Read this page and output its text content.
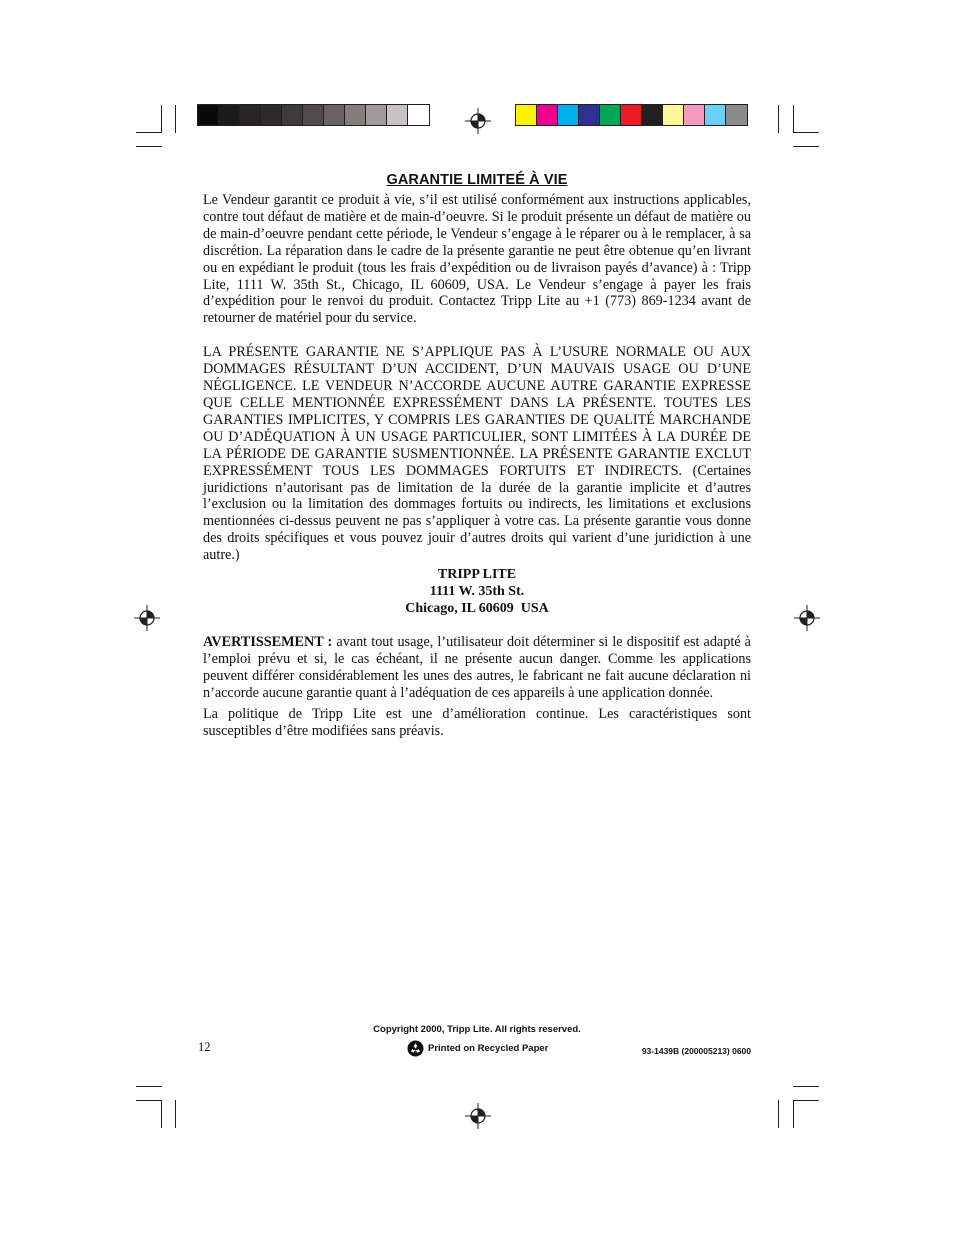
GARANTIE LIMITEÉ À VIE

Le Vendeur garantit ce produit à vie, s’il est utilisé conformément aux instructions applicables, contre tout défaut de matière et de main-d’oeuvre. Si le produit présente un défaut de matière ou de main-d’oeuvre pendant cette période, le Vendeur s’engage à le réparer ou à le remplacer, à sa discrétion. La réparation dans le cadre de la présente garantie ne peut être obtenue qu’en livrant ou en expédiant le produit (tous les frais d’expédition ou de livraison payés d’avance) à : Tripp Lite, 1111 W. 35th St., Chicago, IL 60609, USA. Le Vendeur s’engage à payer les frais d’expédition pour le renvoi du produit. Contactez Tripp Lite au +1 (773) 869-1234 avant de retourner de matériel pour du service.

LA PRÉSENTE GARANTIE NE S’APPLIQUE PAS À L’USURE NORMALE OU AUX DOMMAGES RÉSULTANT D’UN ACCIDENT, D’UN MAUVAIS USAGE OU D’UNE NÉGLIGENCE. LE VENDEUR N’ACCORDE AUCUNE AUTRE GARANTIE EXPRESSE QUE CELLE MENTIONNÉE EXPRESSÉMENT DANS LA PRÉSENTE. TOUTES LES GARANTIES IMPLICITES, Y COMPRIS LES GARANTIES DE QUALITÉ MARCHANDE OU D’ADÉQUATION À UN USAGE PARTICULIER, SONT LIMITÉES À LA DURÉE DE LA PÉRIODE DE GARANTIE SUSMENTIONNÉE. LA PRÉSENTE GARANTIE EXCLUT EXPRESSÉMENT TOUS LES DOMMAGES FORTUITS ET INDIRECTS. (Certaines juridictions n’autorisant pas de limitation de la durée de la garantie implicite et d’autres l’exclusion ou la limitation des dommages fortuits ou indirects, les limitations et exclusions mentionnées ci-dessus peuvent ne pas s’appliquer à votre cas. La présente garantie vous donne des droits spécifiques et vous pouvez jouir d’autres droits qui varient d’une juridiction à une autre.)

TRIPP LITE
1111 W. 35th St.
Chicago, IL 60609  USA

AVERTISSEMENT : avant tout usage, l’utilisateur doit déterminer si le dispositif est adapté à l’emploi prévu et si, le cas échéant, il ne présente aucun danger. Comme les applications peuvent différer considérablement les unes des autres, le fabricant ne fait aucune déclaration ni n’accorde aucune garantie quant à l’adéquation de ces appareils à une application donnée.

La politique de Tripp Lite est une d’amélioration continue. Les caractéristiques sont susceptibles d’être modifiées sans préavis.

Copyright 2000, Tripp Lite. All rights reserved.
12	Printed on Recycled Paper	93-1439B (200005213) 0600
